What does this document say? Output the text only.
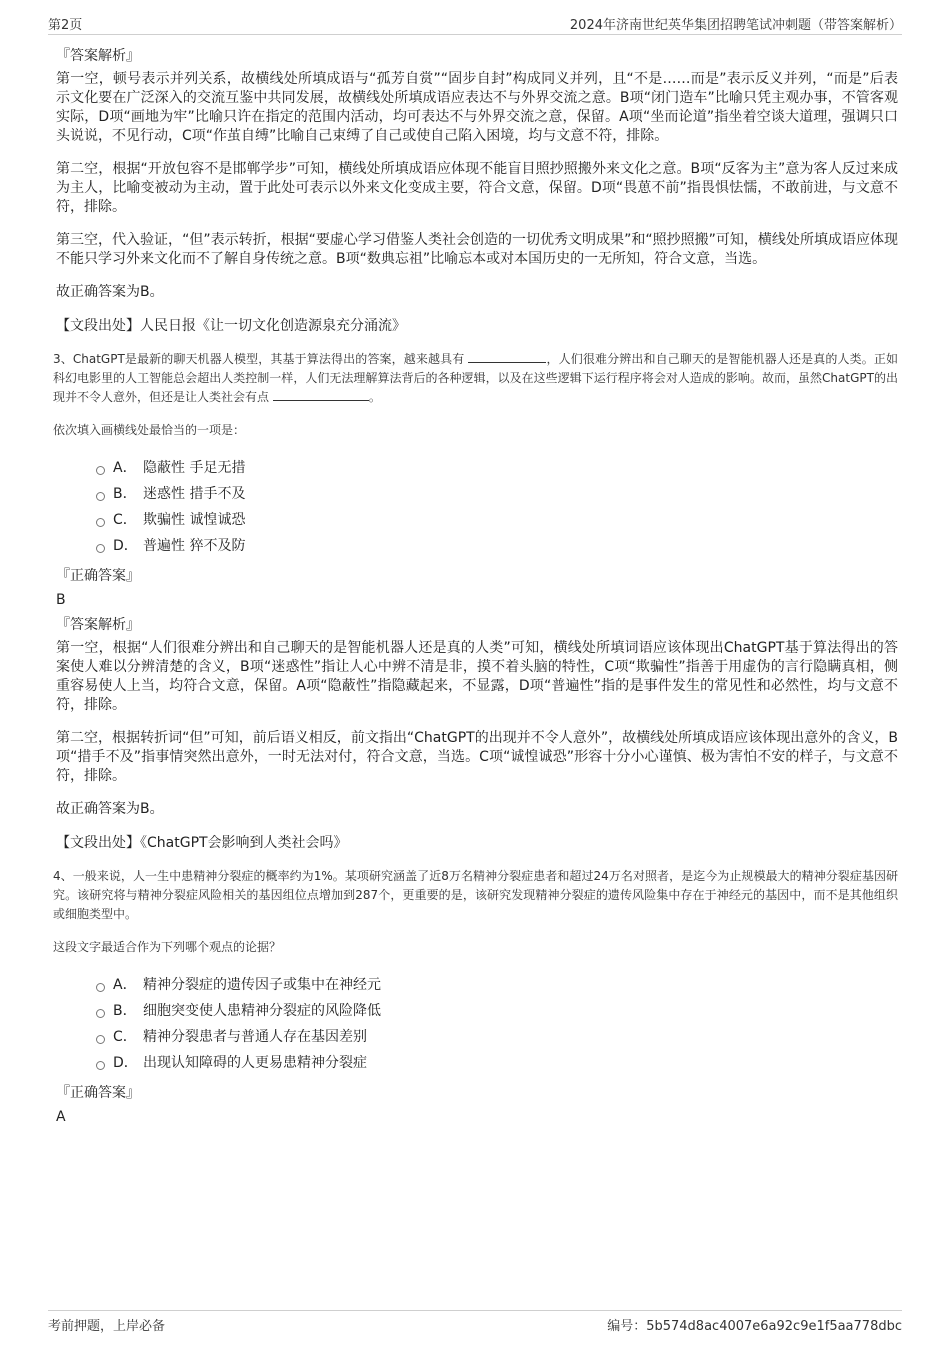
第2页	2024年济南世纪英华集团招聘笔试冲刺题（带答案解析）
『答案解析』

第一空，顿号表示并列关系，故横线处所填成语与“孤芳自赏”“固步自封”构成同义并列，且“不是……而是”表示反义并列，“而是”后表示文化要在广泛深入的交流互鉴中共同发展，故横线处所填成语应表达不与外界交流之意。B项“闭门造车”比喻只凭主观办事，不管客观实际，D项“画地为牢”比喻只许在指定的范围内活动，均可表达不与外界交流之意，保留。A项“坐而论道”指坐着空谈大道理，强调只口头说说，不见行动，C项“作茧自缚”比喻自己束缚了自己或使自己陷入困境，均与文意不符，排除。

第二空，根据“开放包容不是邯郸学步”可知，横线处所填成语应体现不能盲目照抄照搬外来文化之意。B项“反客为主”意为客人反过来成为主人，比喻变被动为主动，置于此处可表示以外来文化变成主要，符合文意，保留。D项“畏葸不前”指畏惧怯懦，不敢前进，与文意不符，排除。

第三空，代入验证，“但”表示转折，根据“要虚心学习借鉴人类社会创造的一切优秀文明成果”和“照抄照搬”可知，横线处所填成语应体现不能只学习外来文化而不了解自身传统之意。B项“数典忘祖”比喻忘本或对本国历史的一无所知，符合文意，当选。

故正确答案为B。

【文段出处】人民日报《让一切文化创造源泉充分涌流》

3、ChatGPT是最新的聊天机器人模型，其基于算法得出的答案，越来越具有	，人们很难分辨出和自己聊天的是智能机器人还是真的人类。正如科幻电影里的人工智能总会超出人类控制一样，人们无法理解算法背后的各种逻辑，以及在这些逻辑下运行程序将会对人造成的影响。故而，虽然ChatGPT的出现并不令人意外，但还是让人类社会有点	。

依次填入画横线处最恰当的一项是：
A． 隐蔽性 手足无措
B． 迷惑性 措手不及
C． 欺骗性 诚惶诚恐
D． 普遍性 猝不及防
『正确答案』
B
『答案解析』

第一空，根据“人们很难分辨出和自己聊天的是智能机器人还是真的人类”可知，横线处所填词语应该体现出ChatGPT基于算法得出的答案使人难以分辨清楚的含义，B项“迷惑性”指让人心中辨不清是非，摸不着头脑的特性，C项“欺骗性”指善于用虚伪的言行隐瞒真相，侧重容易使人上当，均符合文意，保留。A项“隐蔽性”指隐藏起来，不显露，D项“普遍性”指的是事件发生的常见性和必然性，均与文意不符，排除。

第二空，根据转折词“但”可知，前后语义相反，前文指出“ChatGPT的出现并不令人意外”，故横线处所填成语应该体现出意外的含义，B项“措手不及”指事情突然出意外，一时无法对付，符合文意，当选。C项“诚惶诚恐”形容十分小心谨慎、极为害怕不安的样子，与文意不符，排除。

故正确答案为B。

【文段出处】《ChatGPT会影响到人类社会吗》

4、一般来说，人一生中患精神分裂症的概率约为1%。某项研究涵盖了近8万名精神分裂症患者和超过24万名对照者，是迄今为止规模最大的精神分裂症基因研究。该研究将与精神分裂症风险相关的基因组位点增加到287个，更重要的是，该研究发现精神分裂症的遗传风险集中存在于神经元的基因中，而不是其他组织或细胞类型中。

这段文字最适合作为下列哪个观点的论据？
A． 精神分裂症的遗传因子或集中在神经元
B． 细胞突变使人患精神分裂症的风险降低
C． 精神分裂患者与普通人存在基因差别
D． 出现认知障碍的人更易患精神分裂症
『正确答案』
A
考前押题，上岸必备	编号：5b574d8ac4007e6a92c9e1f5aa778dbc
